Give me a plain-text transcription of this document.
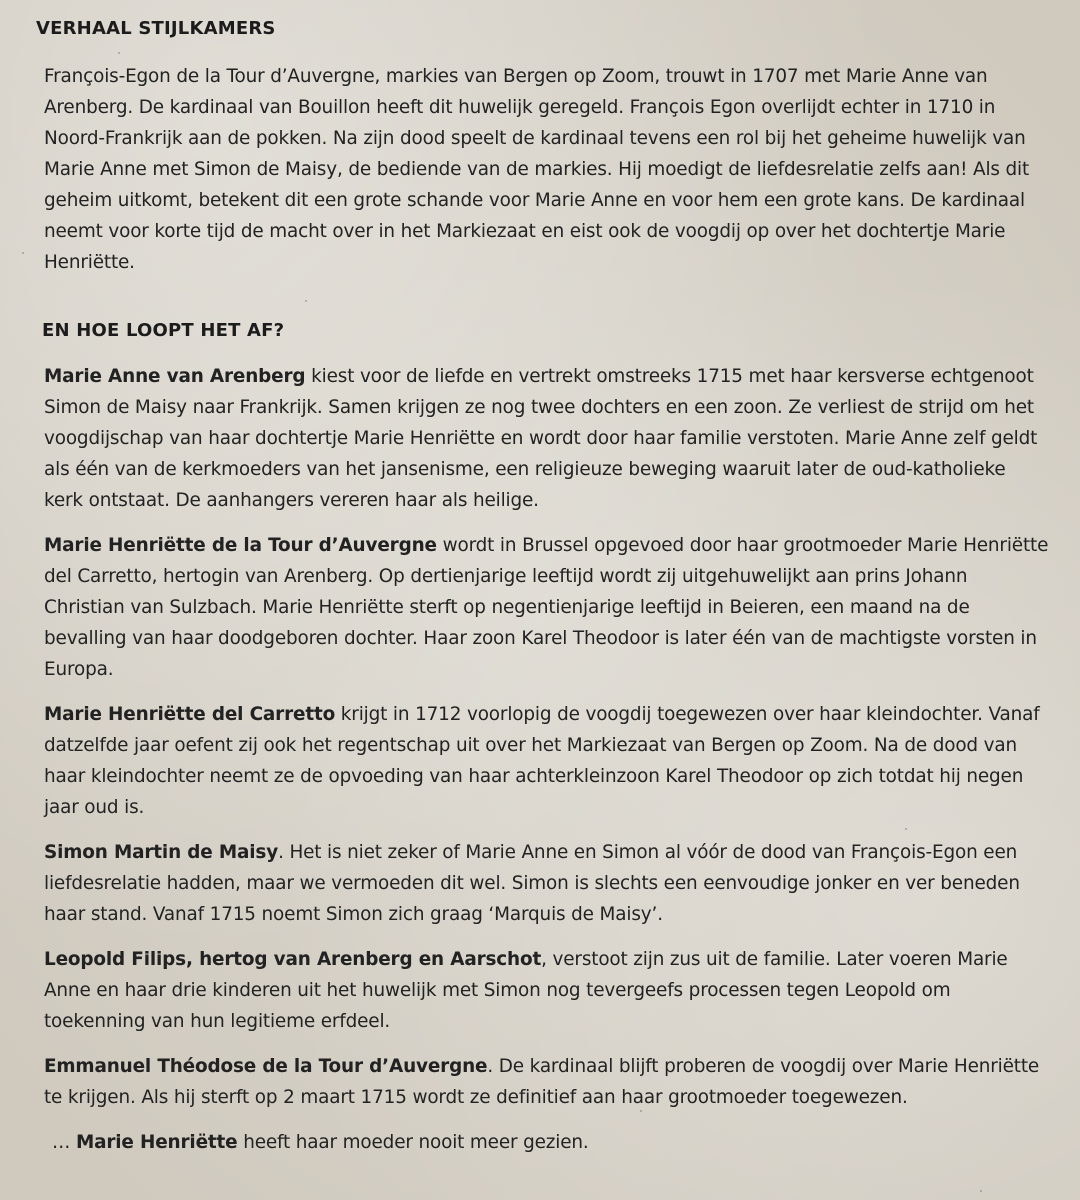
VERHAAL STIJLKAMERS

François-Egon de la Tour d’Auvergne, markies van Bergen op Zoom, trouwt in 1707 met Marie Anne van Arenberg. De kardinaal van Bouillon heeft dit huwelijk geregeld. François Egon overlijdt echter in 1710 in Noord-Frankrijk aan de pokken. Na zijn dood speelt de kardinaal tevens een rol bij het geheime huwelijk van Marie Anne met Simon de Maisy, de bediende van de markies. Hij moedigt de liefdesrelatie zelfs aan! Als dit geheim uitkomt, betekent dit een grote schande voor Marie Anne en voor hem een grote kans. De kardinaal neemt voor korte tijd de macht over in het Markiezaat en eist ook de voogdij op over het dochtertje Marie Henriëtte.

EN HOE LOOPT HET AF?

Marie Anne van Arenberg kiest voor de liefde en vertrekt omstreeks 1715 met haar kersverse echtgenoot Simon de Maisy naar Frankrijk. Samen krijgen ze nog twee dochters en een zoon. Ze verliest de strijd om het voogdijschap van haar dochtertje Marie Henriëtte en wordt door haar familie verstoten. Marie Anne zelf geldt als één van de kerkmoeders van het jansenisme, een religieuze beweging waaruit later de oud-katholieke kerk ontstaat. De aanhangers vereren haar als heilige.

Marie Henriëtte de la Tour d’Auvergne wordt in Brussel opgevoed door haar grootmoeder Marie Henriëtte del Carretto, hertogin van Arenberg. Op dertienjarige leeftijd wordt zij uitgehuwelijkt aan prins Johann Christian van Sulzbach. Marie Henriëtte sterft op negentienjarige leeftijd in Beieren, een maand na de bevalling van haar doodgeboren dochter. Haar zoon Karel Theodoor is later één van de machtigste vorsten in Europa.

Marie Henriëtte del Carretto krijgt in 1712 voorlopig de voogdij toegewezen over haar kleindochter. Vanaf datzelfde jaar oefent zij ook het regentschap uit over het Markiezaat van Bergen op Zoom. Na de dood van haar kleindochter neemt ze de opvoeding van haar achterkleinzoon Karel Theodoor op zich totdat hij negen jaar oud is.

Simon Martin de Maisy. Het is niet zeker of Marie Anne en Simon al vóór de dood van François-Egon een liefdesrelatie hadden, maar we vermoeden dit wel. Simon is slechts een eenvoudige jonker en ver beneden haar stand. Vanaf 1715 noemt Simon zich graag ‘Marquis de Maisy’.

Leopold Filips, hertog van Arenberg en Aarschot, verstoot zijn zus uit de familie. Later voeren Marie Anne en haar drie kinderen uit het huwelijk met Simon nog tevergeefs processen tegen Leopold om toekenning van hun legitieme erfdeel.

Emmanuel Théodose de la Tour d’Auvergne. De kardinaal blijft proberen de voogdij over Marie Henriëtte te krijgen. Als hij sterft op 2 maart 1715 wordt ze definitief aan haar grootmoeder toegewezen.

… Marie Henriëtte heeft haar moeder nooit meer gezien.
